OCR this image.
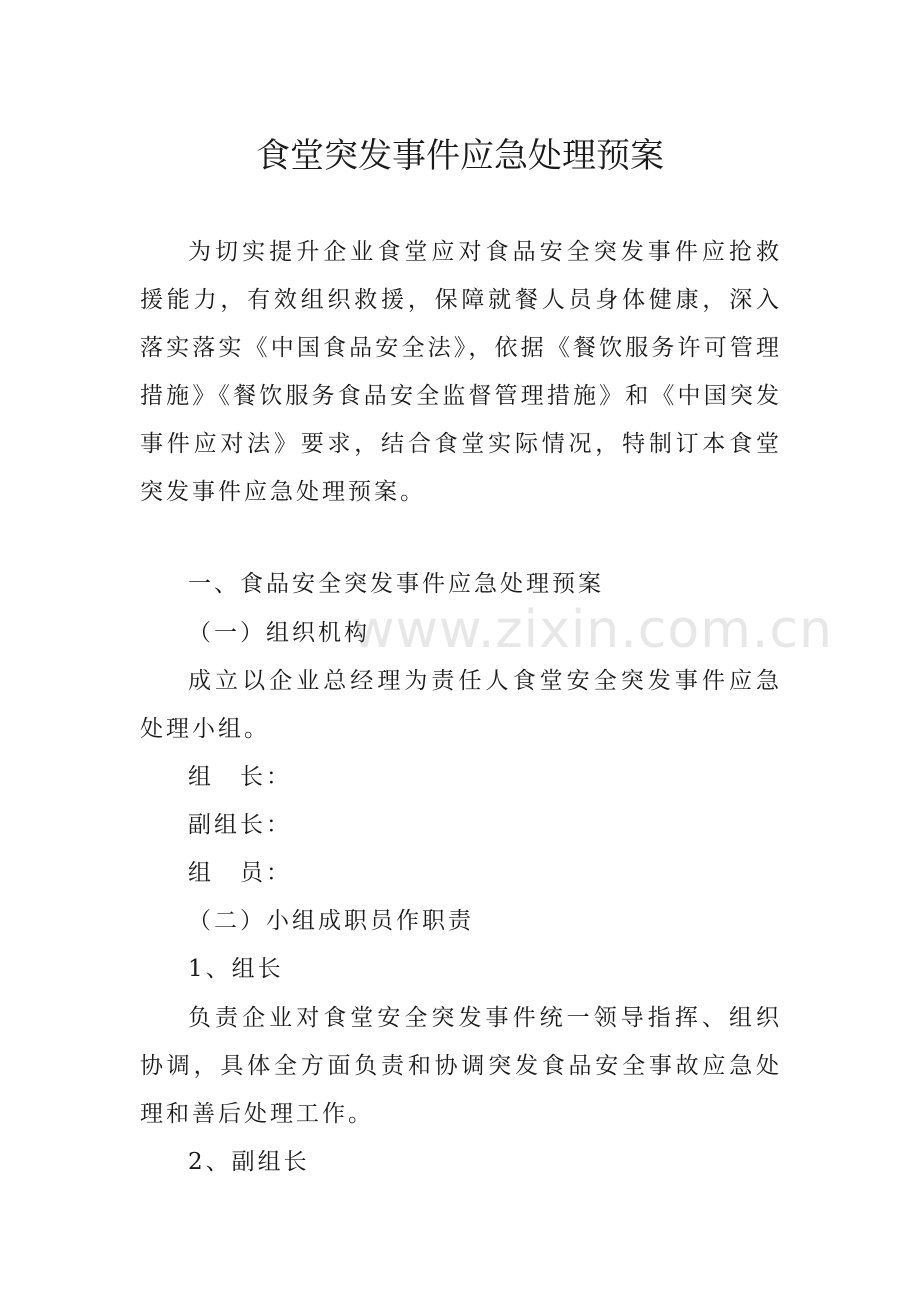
食堂突发事件应急处理预案

为切实提升企业食堂应对食品安全突发事件应抢救援能力，有效组织救援，保障就餐人员身体健康，深入落实落实《中国食品安全法》，依据《餐饮服务许可管理措施》《餐饮服务食品安全监督管理措施》和《中国突发事件应对法》要求，结合食堂实际情况，特制订本食堂突发事件应急处理预案。

一、食品安全突发事件应急处理预案

（一）组织机构

成立以企业总经理为责任人食堂安全突发事件应急处理小组。

组　长：

副组长：

组　员：

（二）小组成职员作职责

1、组长

负责企业对食堂安全突发事件统一领导指挥、组织协调，具体全方面负责和协调突发食品安全事故应急处理和善后处理工作。

2、副组长

www.zixin.com.cn
